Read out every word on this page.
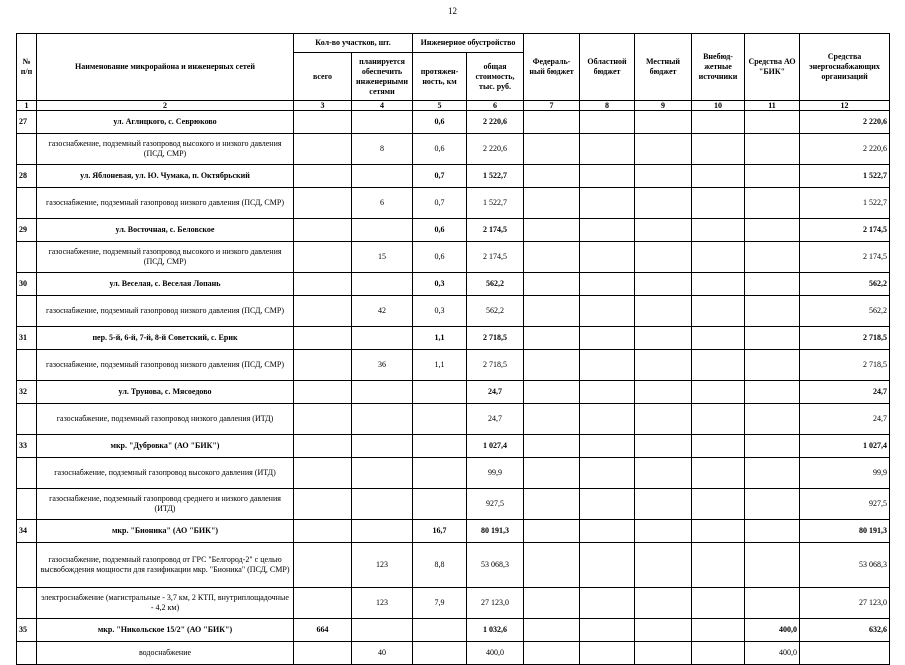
12
№ п/п	Наименование микрорайона и инженерных сетей	Кол-во участков, шт.		Инженерное обустройство		Федераль-ный бюджет	Областной бюджет	Местный бюджет	Внебюд-жетные источники	Средства АО "БИК"	Средства энергоснабжающих организаций
		всего	планируется обеспечить инженерными сетями	протяжен-ность, км	общая стоимость, тыс. руб.						
1	2	3	4	5	6	7	8	9	10	11	12
27	ул. Аглицкого, с. Севрюково			0,6	2 220,6						2 220,6
	газоснабжение, подземный газопровод высокого и низкого давления (ПСД, СМР)		8	0,6	2 220,6						2 220,6
28	ул. Яблоневая, ул. Ю. Чумака, п. Октябрьский			0,7	1 522,7						1 522,7
	газоснабжение, подземный газопровод низкого давления (ПСД, СМР)		6	0,7	1 522,7						1 522,7
29	ул. Восточная, с. Беловское			0,6	2 174,5						2 174,5
	газоснабжение, подземный газопровод высокого и низкого давления (ПСД, СМР)		15	0,6	2 174,5						2 174,5
30	ул. Веселая, с. Веселая Лопань			0,3	562,2						562,2
	газоснабжение, подземный газопровод низкого давления (ПСД, СМР)		42	0,3	562,2						562,2
31	пер. 5-й, 6-й, 7-й, 8-й Советский, с. Ерик			1,1	2 718,5						2 718,5
	газоснабжение, подземный газопровод низкого давления (ПСД, СМР)		36	1,1	2 718,5						2 718,5
32	ул. Трунова, с. Мясоедово				24,7						24,7
	газоснабжение, подземный газопровод низкого давления (ИТД)				24,7						24,7
33	мкр. "Дубровка" (АО "БИК")				1 027,4						1 027,4
	газоснабжение, подземный газопровод высокого давления (ИТД)				99,9						99,9
	газоснабжение, подземный газопровод среднего и низкого давления (ИТД)				927,5						927,5
34	мкр. "Бионика" (АО "БИК")			16,7	80 191,3						80 191,3
	газоснабжение, подземный газопровод от ГРС "Белгород-2" с целью высвобождения мощности для газификации мкр. "Бионика" (ПСД, СМР)		123	8,8	53 068,3						53 068,3
	электроснабжение (магистральные - 3,7 км, 2 КТП, внутриплощадочные - 4,2 км)		123	7,9	27 123,0						27 123,0
35	мкр. "Никольское 15/2" (АО "БИК")	664			1 032,6					400,0	632,6
	водоснабжение		40		400,0					400,0	
